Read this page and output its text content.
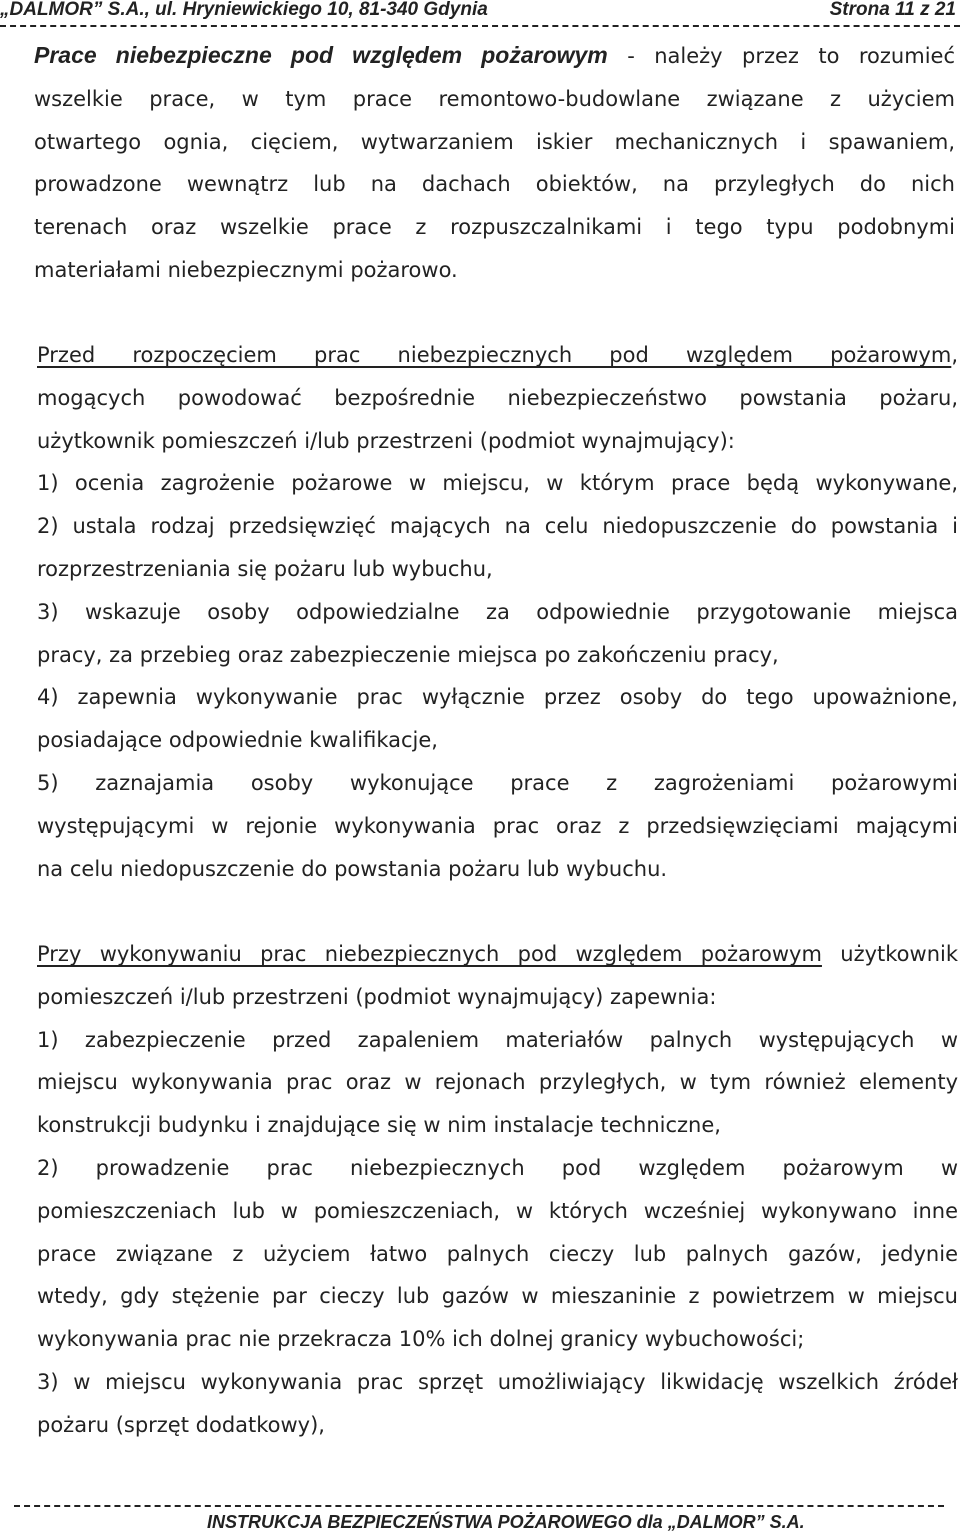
„DALMOR” S.A., ul. Hryniewickiego 10, 81-340 Gdynia	Strona 11 z 21
Prace niebezpieczne pod względem pożarowym - należy przez to rozumieć
wszelkie prace, w tym prace remontowo-budowlane związane z użyciem
otwartego ognia, cięciem, wytwarzaniem iskier mechanicznych i spawaniem,
prowadzone wewnątrz lub na dachach obiektów, na przyległych do nich
terenach oraz wszelkie prace z rozpuszczalnikami i tego typu podobnymi
materiałami niebezpiecznymi pożarowo.
Przed rozpoczęciem prac niebezpiecznych pod względem pożarowym,
mogących powodować bezpośrednie niebezpieczeństwo powstania pożaru,
użytkownik pomieszczeń i/lub przestrzeni (podmiot wynajmujący):
1) ocenia zagrożenie pożarowe w miejscu, w którym prace będą wykonywane,
2) ustala rodzaj przedsięwzięć mających na celu niedopuszczenie do powstania i
rozprzestrzeniania się pożaru lub wybuchu,
3) wskazuje osoby odpowiedzialne za odpowiednie przygotowanie miejsca
pracy, za przebieg oraz zabezpieczenie miejsca po zakończeniu pracy,
4) zapewnia wykonywanie prac wyłącznie przez osoby do tego upoważnione,
posiadające odpowiednie kwalifikacje,
5) zaznajamia osoby wykonujące prace z zagrożeniami pożarowymi
występującymi w rejonie wykonywania prac oraz z przedsięwzięciami mającymi
na celu niedopuszczenie do powstania pożaru lub wybuchu.
Przy wykonywaniu prac niebezpiecznych pod względem pożarowym użytkownik
pomieszczeń i/lub przestrzeni (podmiot wynajmujący) zapewnia:
1) zabezpieczenie przed zapaleniem materiałów palnych występujących w
miejscu wykonywania prac oraz w rejonach przyległych, w tym również elementy
konstrukcji budynku i znajdujące się w nim instalacje techniczne,
2) prowadzenie prac niebezpiecznych pod względem pożarowym w
pomieszczeniach lub w pomieszczeniach, w których wcześniej wykonywano inne
prace związane z użyciem łatwo palnych cieczy lub palnych gazów, jedynie
wtedy, gdy stężenie par cieczy lub gazów w mieszaninie z powietrzem w miejscu
wykonywania prac nie przekracza 10% ich dolnej granicy wybuchowości;
3) w miejscu wykonywania prac sprzęt umożliwiający likwidację wszelkich źródeł
pożaru (sprzęt dodatkowy),
INSTRUKCJA BEZPIECZEŃSTWA POŻAROWEGO dla „DALMOR” S.A.
